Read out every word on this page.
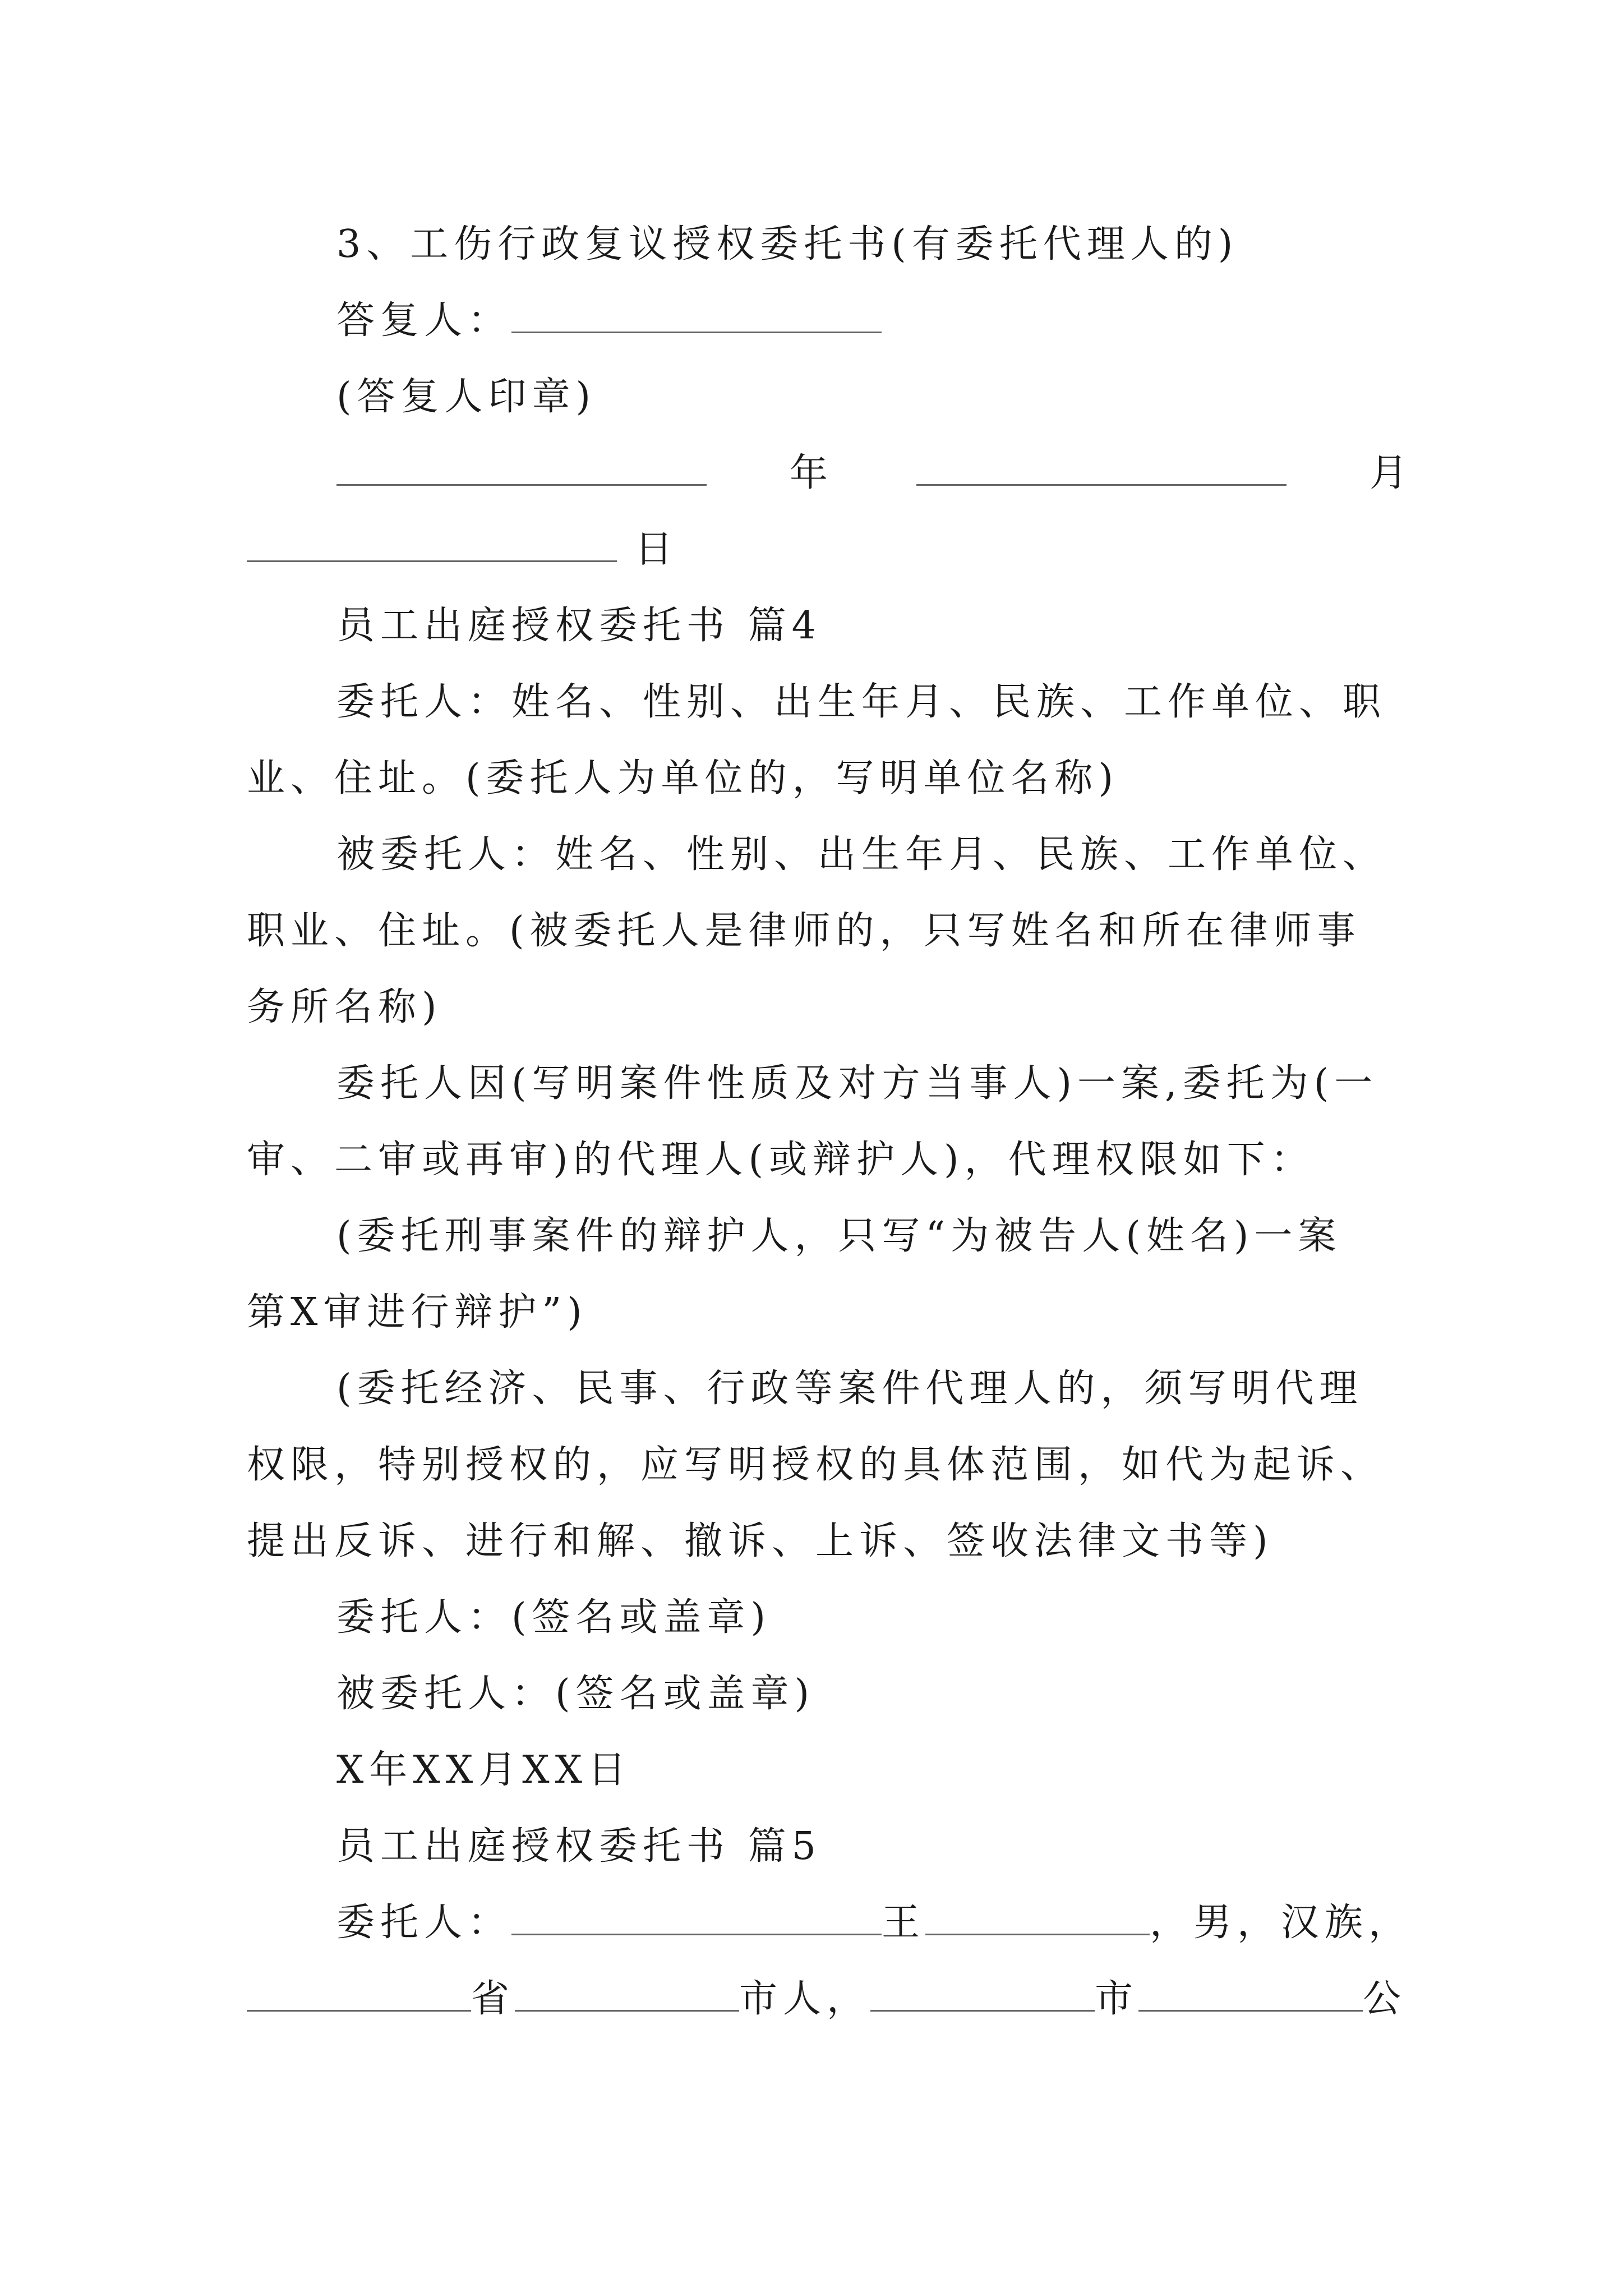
3、工伤行政复议授权委托书(有委托代理人的)
答复人：
(答复人印章)
年	月
日
员工出庭授权委托书 篇4
委托人：姓名、性别、出生年月、民族、工作单位、职
业、住址。(委托人为单位的，写明单位名称)
被委托人：姓名、性别、出生年月、民族、工作单位、
职业、住址。(被委托人是律师的，只写姓名和所在律师事
务所名称)
委托人因(写明案件性质及对方当事人)一案,委托为(一
审、二审或再审)的代理人(或辩护人)，代理权限如下：
(委托刑事案件的辩护人，只写“为被告人(姓名)一案
第X审进行辩护”)
(委托经济、民事、行政等案件代理人的，须写明代理
权限，特别授权的，应写明授权的具体范围，如代为起诉、
提出反诉、进行和解、撤诉、上诉、签收法律文书等)
委托人：(签名或盖章)
被委托人：(签名或盖章)
X年XX月XX日
员工出庭授权委托书 篇5
委托人：	王	，男，汉族，
省	市人，	市	公
